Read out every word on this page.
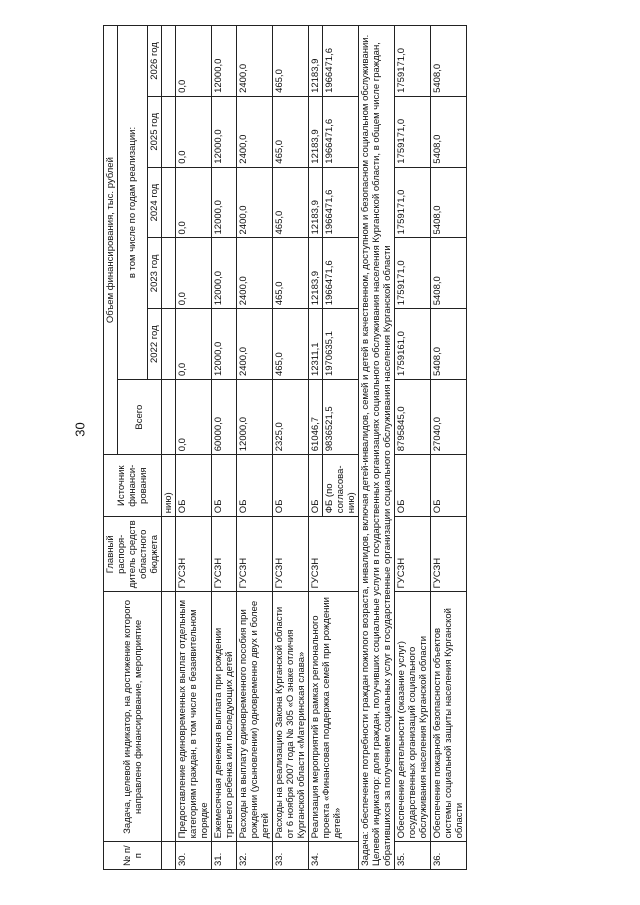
30
№ п/п	Задача, целевой индикатор, на достижение которого направлено финансирование, мероприятие	Главный распоря-дитель средств областного бюджета	Источник финанси-рования	Объем финансирования, тыс. рублей					
				Всего	в том числе по годам реализации:				
					2022 год	2023 год	2024 год	2025 год	2026 год
			нию)						
30.	Предоставление единовременных выплат отдельным категориям граждан, в том числе в безаявительном порядке	ГУСЗН	ОБ	0,0	0,0	0,0	0,0	0,0	0,0
31.	Ежемесячная денежная выплата при рождении третьего ребенка или последующих детей	ГУСЗН	ОБ	60000,0	12000,0	12000,0	12000,0	12000,0	12000,0
32.	Расходы на выплату единовременного пособия при рождении (усыновлении) одновременно двух и более детей	ГУСЗН	ОБ	12000,0	2400,0	2400,0	2400,0	2400,0	2400,0
33.	Расходы на реализацию Закона Курганской области от 6 ноября 2007 года № 305 «О знаке отличия Курганской области «Материнская слава»	ГУСЗН	ОБ	2325,0	465,0	465,0	465,0	465,0	465,0
34.	Реализация мероприятий в рамках регионального проекта «Финансовая поддержка семей при рождении детей»	ГУСЗН	ОБ	61046,7	12311,1	12183,9	12183,9	12183,9	12183,9
			ФБ (по согласова-нию)	9836521,5	1970635,1	1966471,6	1966471,6	1966471,6	1966471,6

Задача: обеспечение потребности граждан пожилого возраста, инвалидов, включая детей-инвалидов, семей и детей в качественном, доступном и безопасном социальном обслуживании. Целевой индикатор: доля граждан, получивших социальные услуги в государственных организациях социального обслуживания населения Курганской области, в общем числе граждан, обратившихся за получением социальных услуг в государственные организации социального обслуживания населения Курганской области									

35.	Обеспечение деятельности (оказание услуг) государственных организаций социального обслуживания населения Курганской области	ГУСЗН	ОБ	8795845,0	1759161,0	1759171,0	1759171,0	1759171,0	1759171,0
36.	Обеспечение пожарной безопасности объектов системы социальной защиты населения Курганской области	ГУСЗН	ОБ	27040,0	5408,0	5408,0	5408,0	5408,0	5408,0
